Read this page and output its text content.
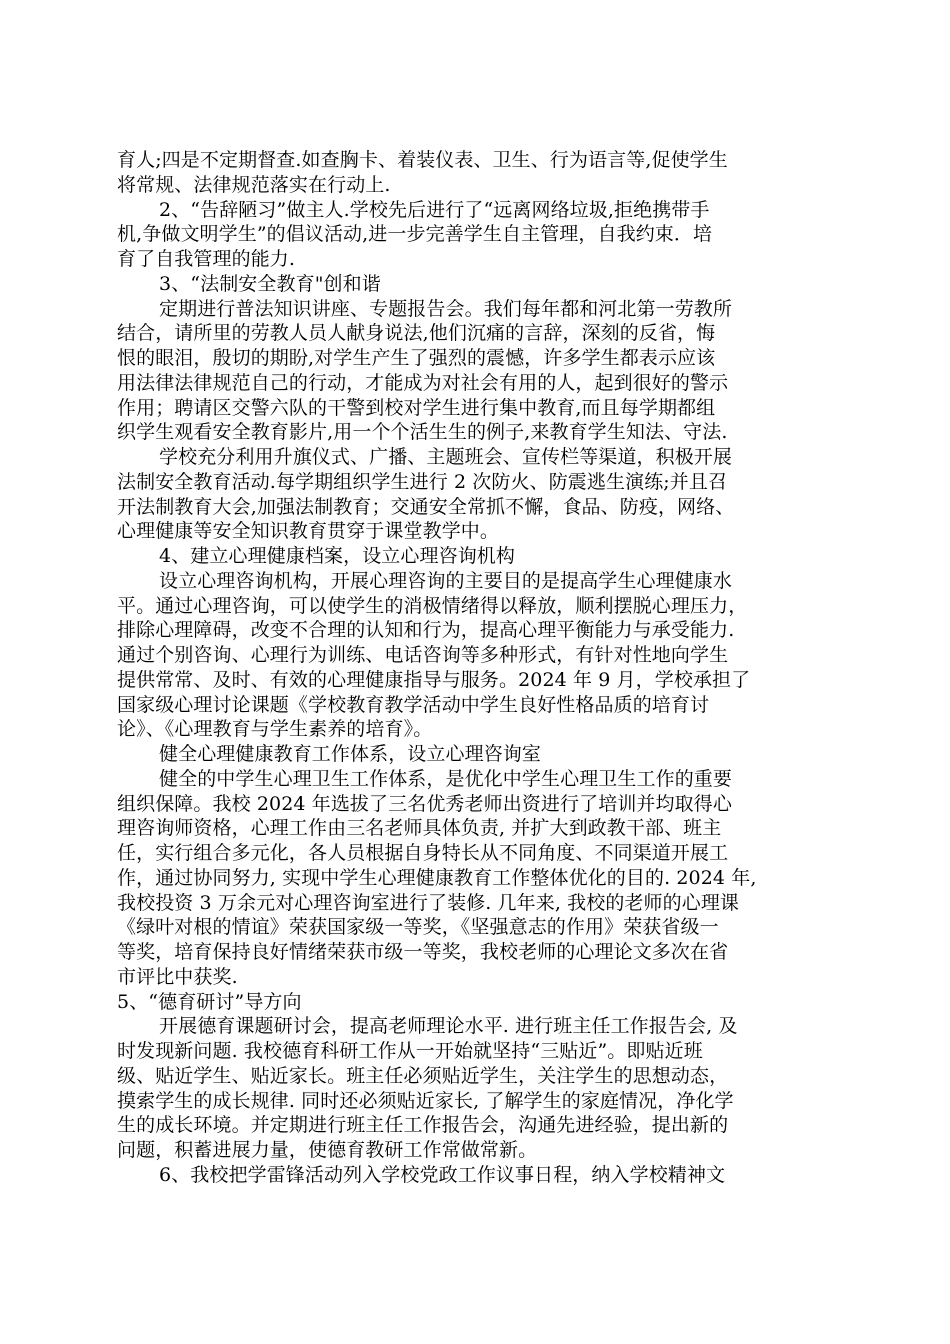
育人;四是不定期督查.如查胸卡、着装仪表、卫生、行为语言等,促使学生
将常规、法律规范落实在行动上.
2、“告辞陋习”做主人.学校先后进行了“远离网络垃圾,拒绝携带手
机,争做文明学生”的倡议活动,进一步完善学生自主管理，自我约束．培
育了自我管理的能力.
3、“法制安全教育"创和谐
定期进行普法知识讲座、专题报告会。我们每年都和河北第一劳教所
结合，请所里的劳教人员人献身说法,他们沉痛的言辞，深刻的反省，悔
恨的眼泪，殷切的期盼,对学生产生了强烈的震憾，许多学生都表示应该
用法律法律规范自己的行动，才能成为对社会有用的人，起到很好的警示
作用；聘请区交警六队的干警到校对学生进行集中教育,而且每学期都组
织学生观看安全教育影片,用一个个活生生的例子,来教育学生知法、守法.
学校充分利用升旗仪式、广播、主题班会、宣传栏等渠道，积极开展
法制安全教育活动.每学期组织学生进行 2 次防火、防震逃生演练;并且召
开法制教育大会,加强法制教育；交通安全常抓不懈，食品、防疫，网络、
心理健康等安全知识教育贯穿于课堂教学中。
4、建立心理健康档案，设立心理咨询机构
设立心理咨询机构，开展心理咨询的主要目的是提高学生心理健康水
平。通过心理咨询，可以使学生的消极情绪得以释放，顺利摆脱心理压力，
排除心理障碍，改变不合理的认知和行为，提高心理平衡能力与承受能力.
通过个别咨询、心理行为训练、电话咨询等多种形式，有针对性地向学生
提供常常、及时、有效的心理健康指导与服务。2024 年 9 月，学校承担了
国家级心理讨论课题《学校教育教学活动中学生良好性格品质的培育讨
论》、《心理教育与学生素养的培育》。
健全心理健康教育工作体系，设立心理咨询室
健全的中学生心理卫生工作体系，是优化中学生心理卫生工作的重要
组织保障。我校 2024 年选拔了三名优秀老师出资进行了培训并均取得心
理咨询师资格，心理工作由三名老师具体负责, 并扩大到政教干部、班主
任，实行组合多元化，各人员根据自身特长从不同角度、不同渠道开展工
作，通过协同努力, 实现中学生心理健康教育工作整体优化的目的. 2024 年,
我校投资 3 万余元对心理咨询室进行了装修. 几年来, 我校的老师的心理课
《绿叶对根的情谊》荣获国家级一等奖，《坚强意志的作用》荣获省级一
等奖，培育保持良好情绪荣获市级一等奖，我校老师的心理论文多次在省
市评比中获奖.
5、“德育研讨”导方向
开展德育课题研讨会，提高老师理论水平. 进行班主任工作报告会, 及
时发现新问题. 我校德育科研工作从一开始就坚持“三贴近”。即贴近班
级、贴近学生、贴近家长。班主任必须贴近学生，关注学生的思想动态，
摸索学生的成长规律. 同时还必须贴近家长, 了解学生的家庭情况，净化学
生的成长环境。并定期进行班主任工作报告会，沟通先进经验，提出新的
问题，积蓄进展力量，使德育教研工作常做常新。
6、我校把学雷锋活动列入学校党政工作议事日程，纳入学校精神文
